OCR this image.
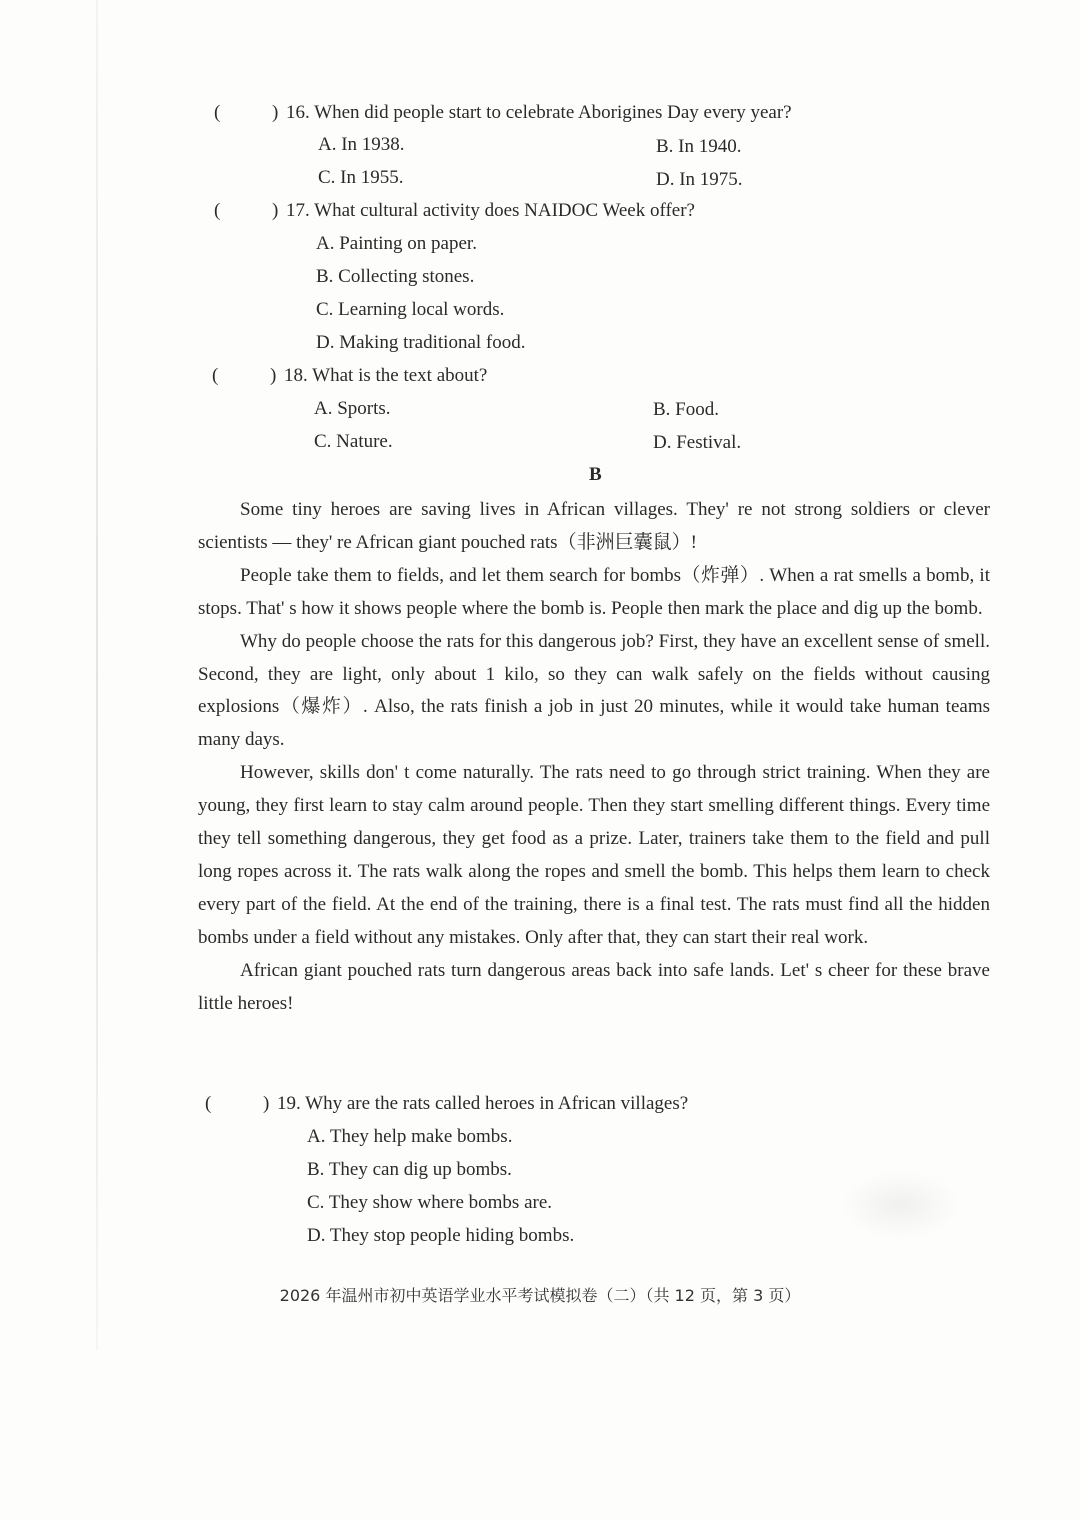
(	) 16. When did people start to celebrate Aborigines Day every year?
A. In 1938.	B. In 1940.
C. In 1955.	D. In 1975.
(	) 17. What cultural activity does NAIDOC Week offer?
A. Painting on paper.
B. Collecting stones.
C. Learning local words.
D. Making traditional food.
(	) 18. What is the text about?
A. Sports.	B. Food.
C. Nature.	D. Festival.
B

Some tiny heroes are saving lives in African villages. They' re not strong soldiers or clever scientists — they' re African giant pouched rats（非洲巨囊鼠）!

People take them to fields, and let them search for bombs（炸弹）. When a rat smells a bomb, it stops. That' s how it shows people where the bomb is. People then mark the place and dig up the bomb.

Why do people choose the rats for this dangerous job? First, they have an excellent sense of smell. Second, they are light, only about 1 kilo, so they can walk safely on the fields without causing explosions（爆炸）. Also, the rats finish a job in just 20 minutes, while it would take human teams many days.

However, skills don' t come naturally. The rats need to go through strict training. When they are young, they first learn to stay calm around people. Then they start smelling different things. Every time they tell something dangerous, they get food as a prize. Later, trainers take them to the field and pull long ropes across it. The rats walk along the ropes and smell the bomb. This helps them learn to check every part of the field. At the end of the training, there is a final test. The rats must find all the hidden bombs under a field without any mistakes. Only after that, they can start their real work.

African giant pouched rats turn dangerous areas back into safe lands. Let' s cheer for these brave little heroes!

(	) 19. Why are the rats called heroes in African villages?
A. They help make bombs.
B. They can dig up bombs.
C. They show where bombs are.
D. They stop people hiding bombs.
2026 年温州市初中英语学业水平考试模拟卷（二）（共 12 页，第 3 页）
